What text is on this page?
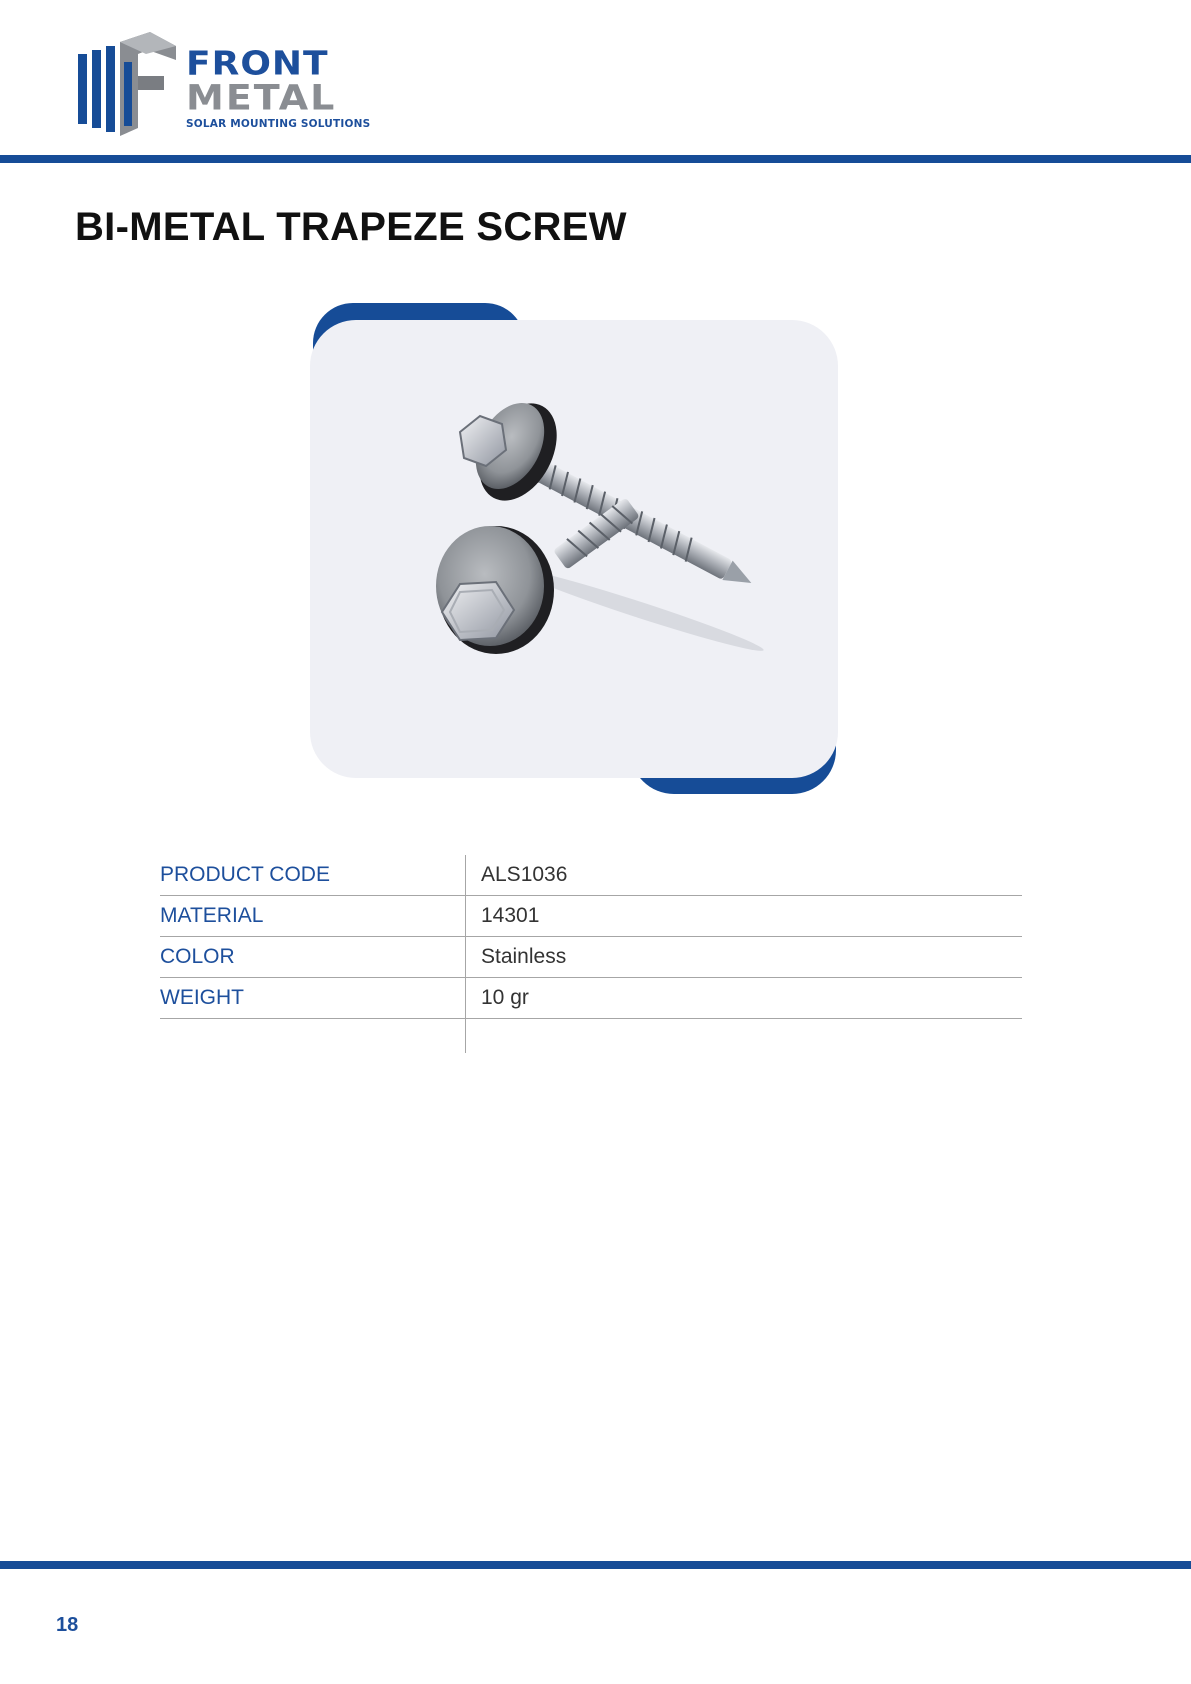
FRONT
METAL
SOLAR MOUNTING SOLUTIONS
BI-METAL TRAPEZE SCREW
PRODUCT CODE	ALS1036
MATERIAL	14301
COLOR	Stainless
WEIGHT	10 gr

18
